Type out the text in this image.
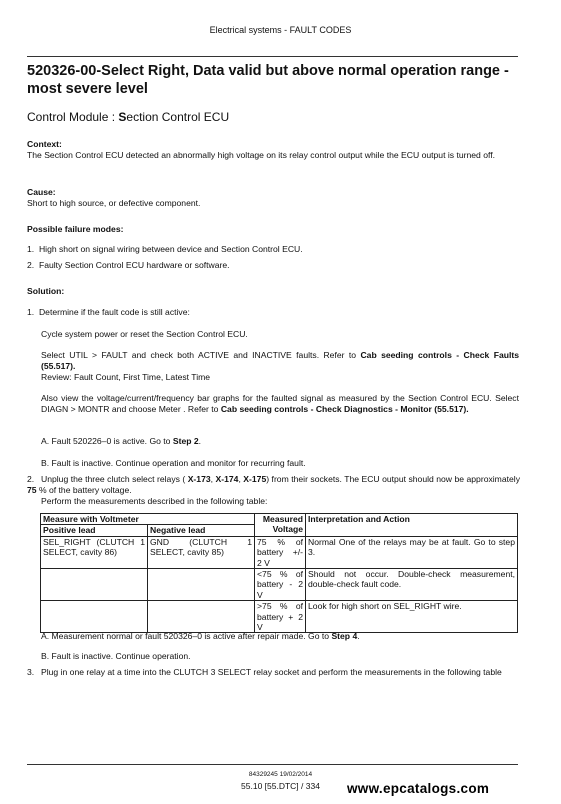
Electrical systems - FAULT CODES
520326-00-Select Right, Data valid but above normal operation range - most severe level
Control Module : Section Control ECU
Context:
The Section Control ECU detected an abnormally high voltage on its relay control output while the ECU output is turned off.
Cause:
Short to high source, or defective component.
Possible failure modes:
1. High short on signal wiring between device and Section Control ECU.
2. Faulty Section Control ECU hardware or software.
Solution:
1. Determine if the fault code is still active:
Cycle system power or reset the Section Control ECU.
Select UTIL > FAULT and check both ACTIVE and INACTIVE faults. Refer to Cab seeding controls - Check Faults (55.517).
Review: Fault Count, First Time, Latest Time
Also view the voltage/current/frequency bar graphs for the faulted signal as measured by the Section Control ECU. Select DIAGN > MONTR and choose Meter . Refer to Cab seeding controls - Check Diagnostics - Monitor (55.517).
A. Fault 520226–0 is active. Go to Step 2.
B. Fault is inactive. Continue operation and monitor for recurring fault.
2. Unplug the three clutch select relays ( X-173, X-174, X-175) from their sockets. The ECU output should now be approximately 75 % of the battery voltage.
Perform the measurements described in the following table:
Measure with Voltmeter		Measured Voltage	Interpretation and Action
Positive lead	Negative lead		
SEL_RIGHT (CLUTCH 1 SELECT, cavity 86)	GND (CLUTCH 1 SELECT, cavity 85)	75 % of battery +/- 2 V	Normal One of the relays may be at fault. Go to step 3.
		<75 % of battery - 2 V	Should not occur. Double-check measurement, double-check fault code.
		>75 % of battery + 2 V	Look for high short on SEL_RIGHT wire.
A. Measurement normal or fault 520326–0 is active after repair made. Go to Step 4.
B. Fault is inactive. Continue operation.
3. Plug in one relay at a time into the CLUTCH 3 SELECT relay socket and perform the measurements in the following table
84329245 19/02/2014
55.10 [55.DTC] / 334	www.epcatalogs.com
